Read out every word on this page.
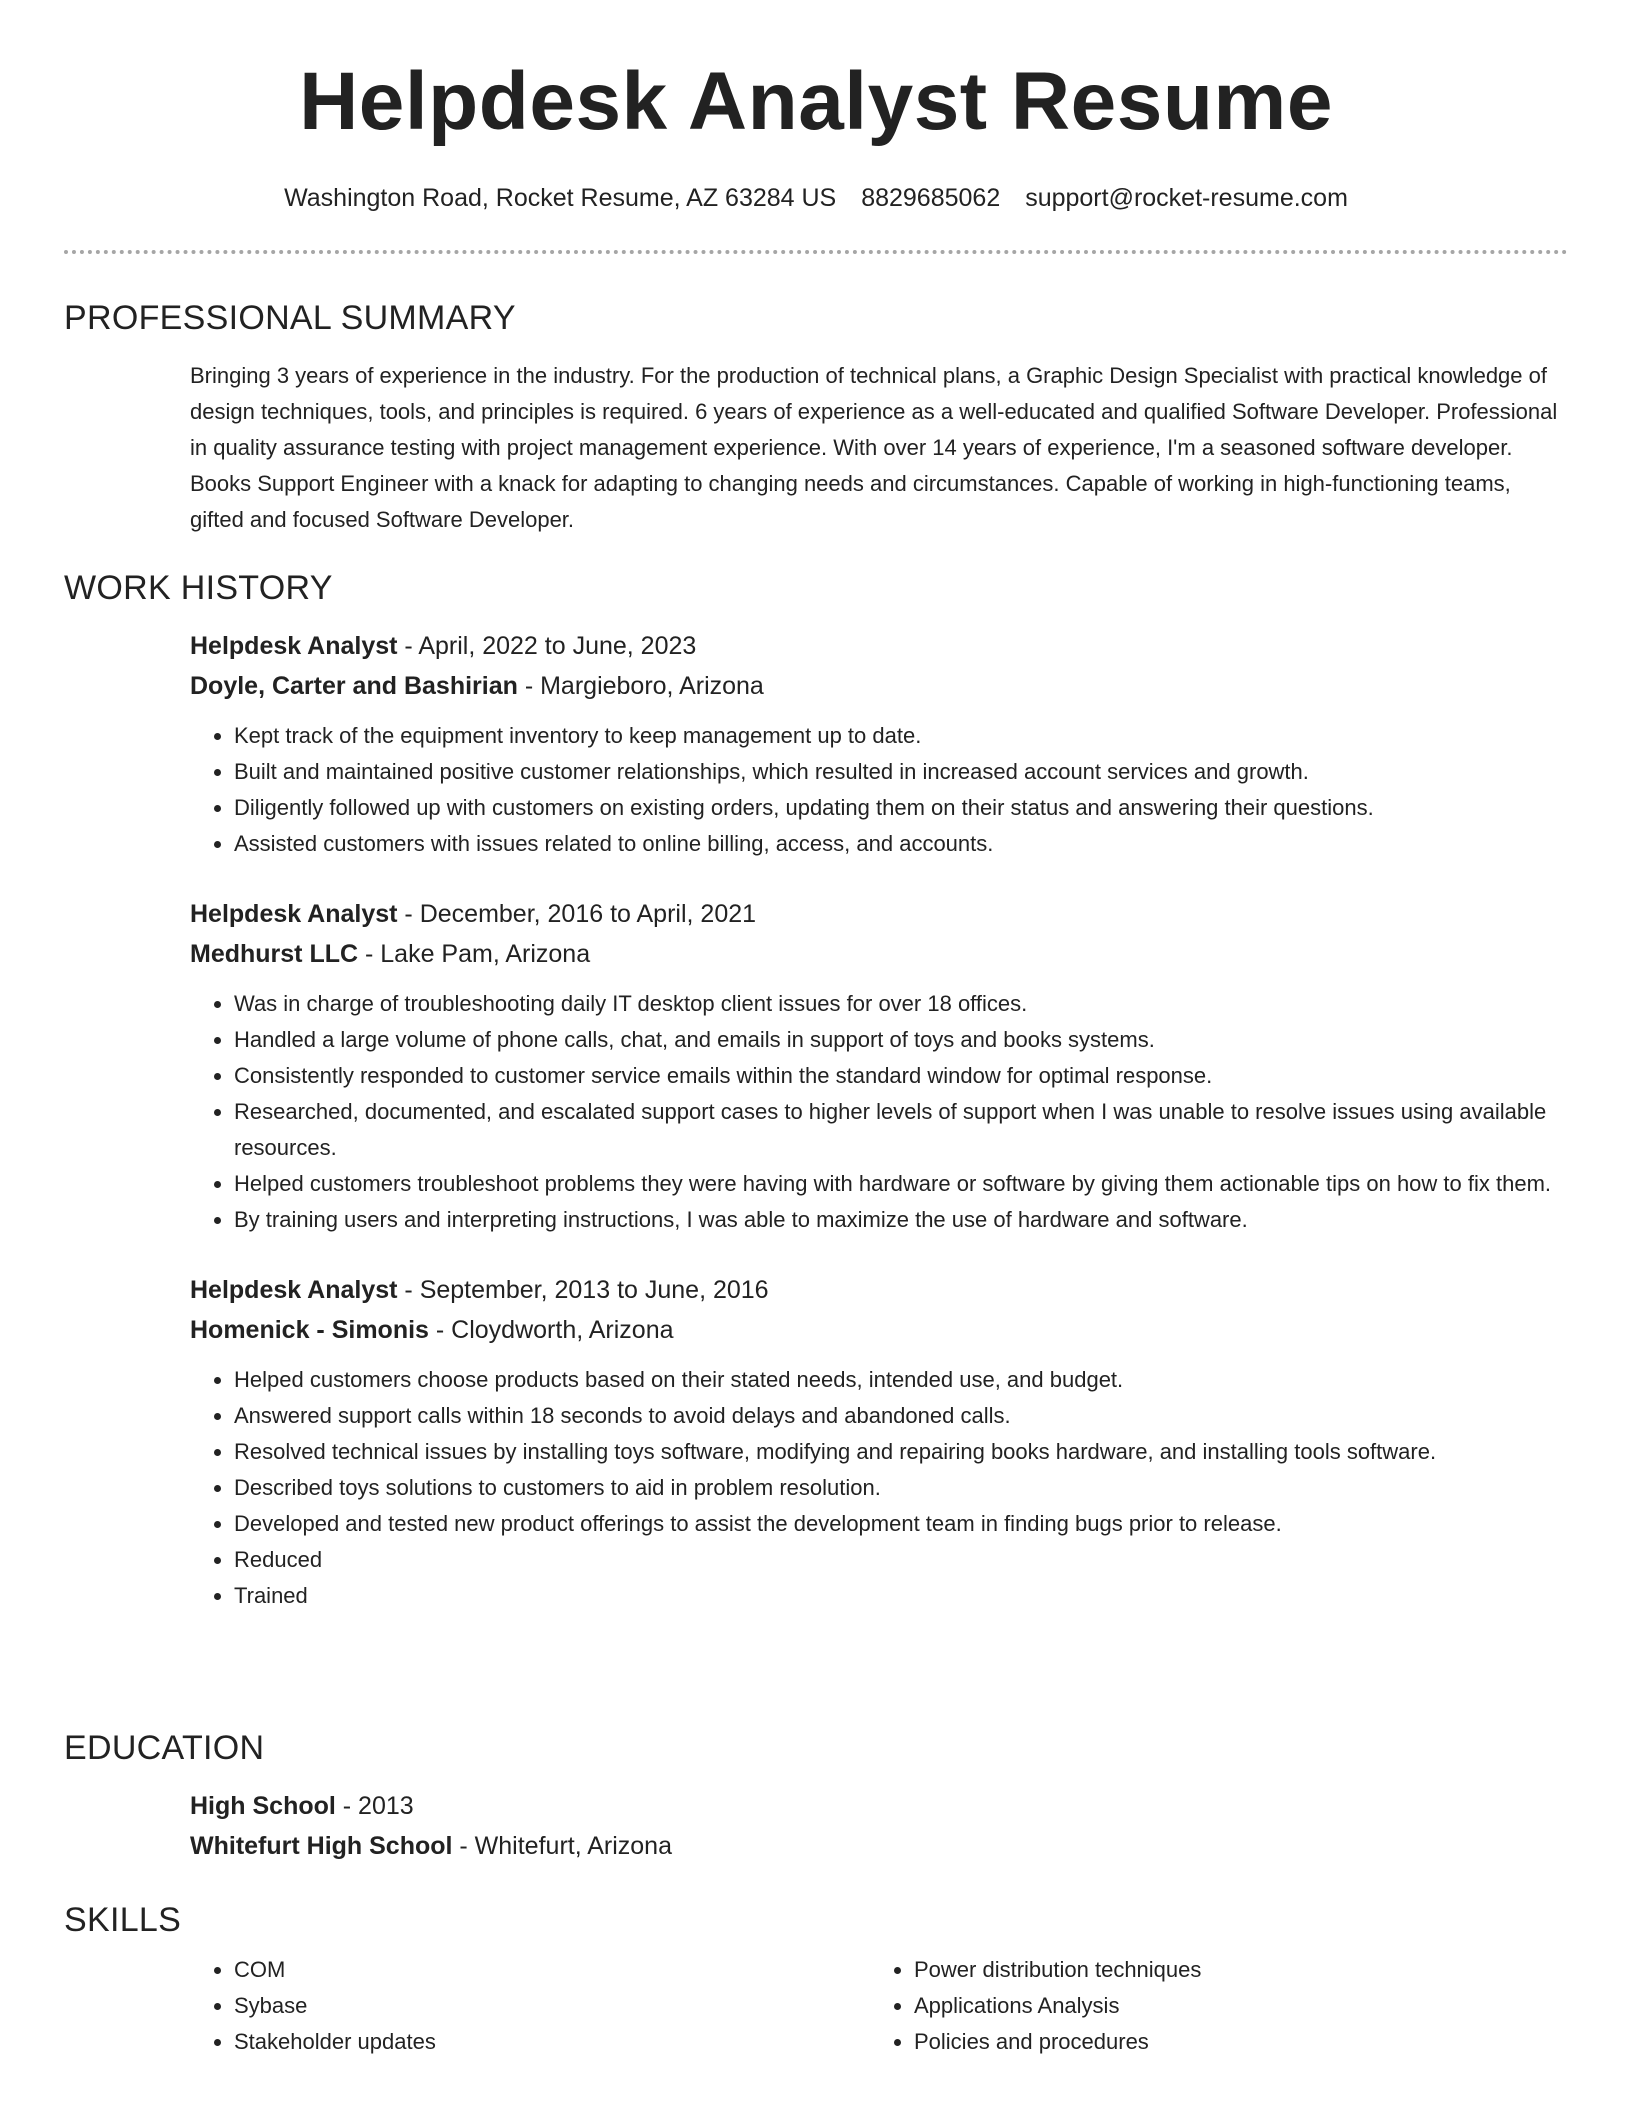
Helpdesk Analyst Resume
Washington Road, Rocket Resume, AZ 63284 US 8829685062 support@rocket-resume.com
PROFESSIONAL SUMMARY

Bringing 3 years of experience in the industry. For the production of technical plans, a Graphic Design Specialist with practical knowledge of design techniques, tools, and principles is required. 6 years of experience as a well-educated and qualified Software Developer. Professional in quality assurance testing with project management experience. With over 14 years of experience, I'm a seasoned software developer. Books Support Engineer with a knack for adapting to changing needs and circumstances. Capable of working in high-functioning teams, gifted and focused Software Developer.

WORK HISTORY
Helpdesk Analyst - April, 2022 to June, 2023
Doyle, Carter and Bashirian - Margieboro, Arizona
• Kept track of the equipment inventory to keep management up to date.
• Built and maintained positive customer relationships, which resulted in increased account services and growth.
• Diligently followed up with customers on existing orders, updating them on their status and answering their questions.
• Assisted customers with issues related to online billing, access, and accounts.
Helpdesk Analyst - December, 2016 to April, 2021
Medhurst LLC - Lake Pam, Arizona
• Was in charge of troubleshooting daily IT desktop client issues for over 18 offices.
• Handled a large volume of phone calls, chat, and emails in support of toys and books systems.
• Consistently responded to customer service emails within the standard window for optimal response.
• Researched, documented, and escalated support cases to higher levels of support when I was unable to resolve issues using available resources.
• Helped customers troubleshoot problems they were having with hardware or software by giving them actionable tips on how to fix them.
• By training users and interpreting instructions, I was able to maximize the use of hardware and software.
Helpdesk Analyst - September, 2013 to June, 2016
Homenick - Simonis - Cloydworth, Arizona
• Helped customers choose products based on their stated needs, intended use, and budget.
• Answered support calls within 18 seconds to avoid delays and abandoned calls.
• Resolved technical issues by installing toys software, modifying and repairing books hardware, and installing tools software.
• Described toys solutions to customers to aid in problem resolution.
• Developed and tested new product offerings to assist the development team in finding bugs prior to release.
• Reduced
• Trained
EDUCATION
High School - 2013
Whitefurt High School - Whitefurt, Arizona
SKILLS
• COM
• Sybase
• Stakeholder updates
• Power distribution techniques
• Applications Analysis
• Policies and procedures
